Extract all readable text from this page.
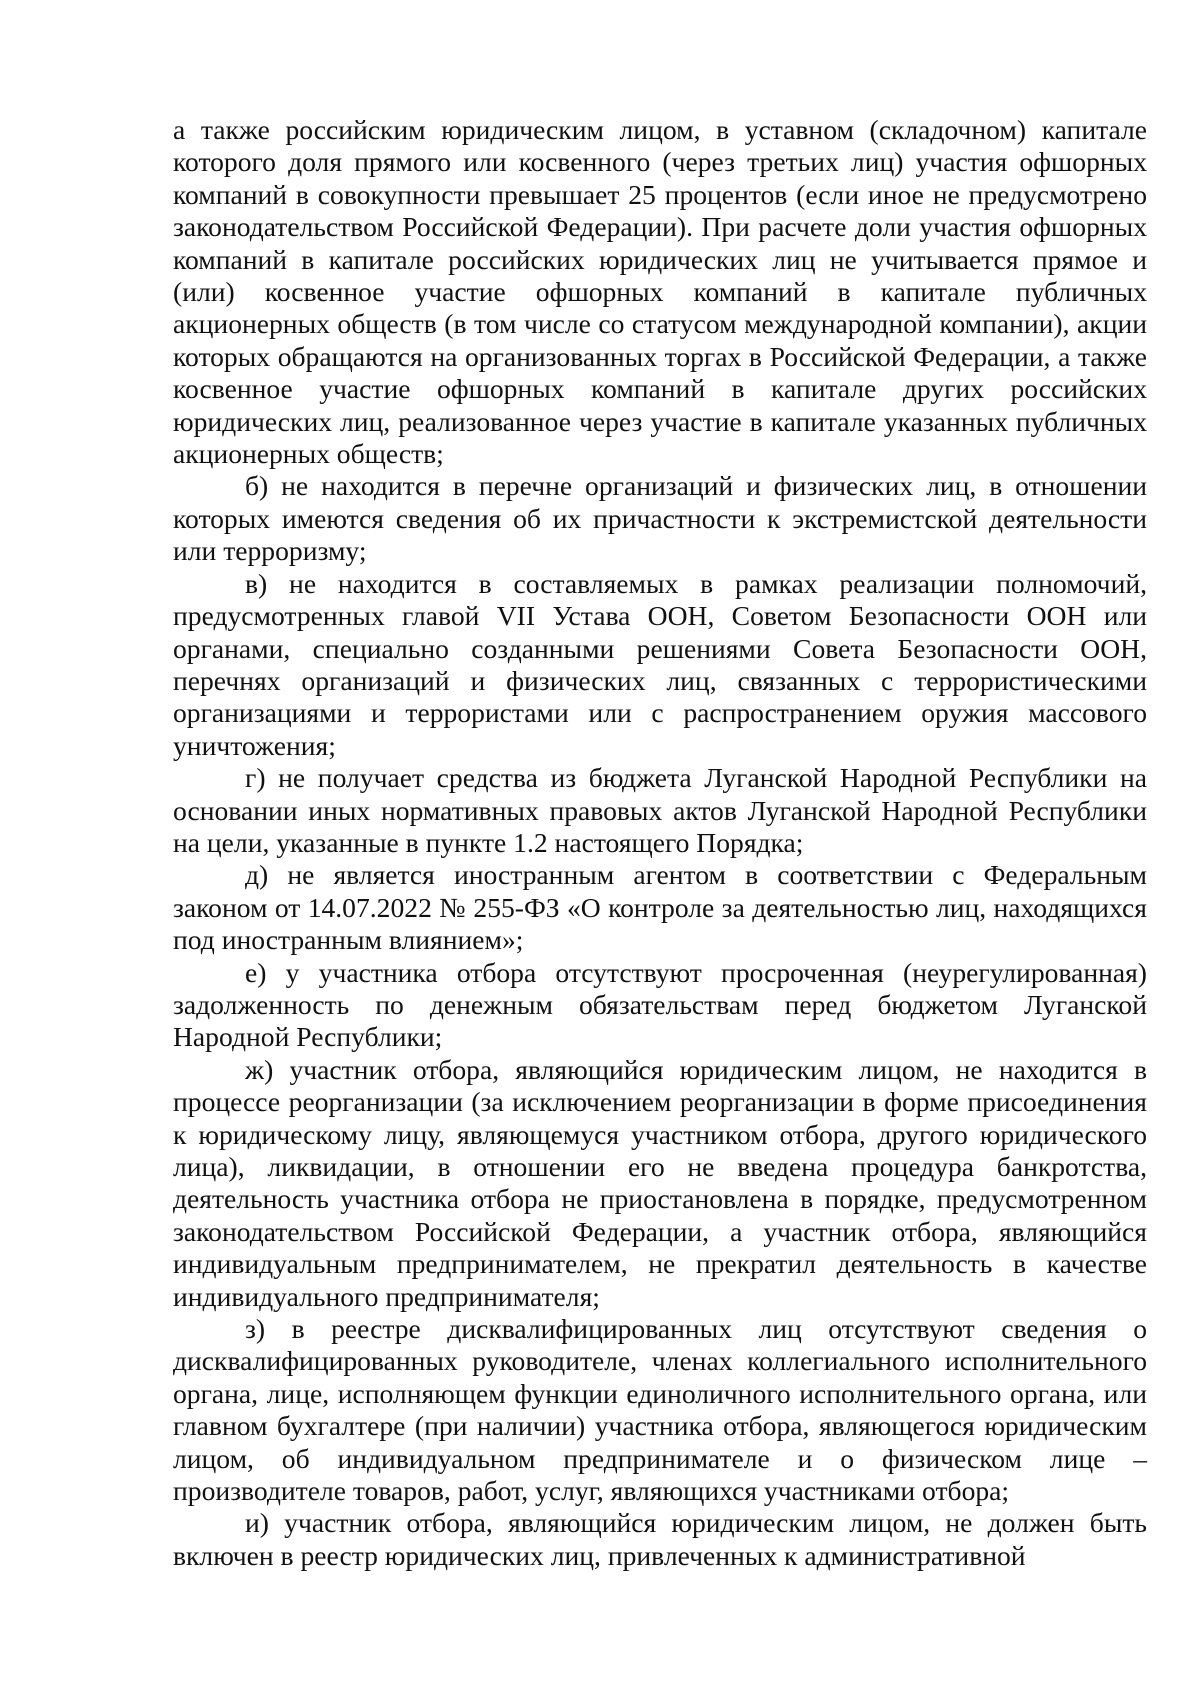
а также российским юридическим лицом, в уставном (складочном) капитале которого доля прямого или косвенного (через третьих лиц) участия офшорных компаний в совокупности превышает 25 процентов (если иное не предусмотрено законодательством Российской Федерации). При расчете доли участия офшорных компаний в капитале российских юридических лиц не учитывается прямое и (или) косвенное участие офшорных компаний в капитале публичных акционерных обществ (в том числе со статусом международной компании), акции которых обращаются на организованных торгах в Российской Федерации, а также косвенное участие офшорных компаний в капитале других российских юридических лиц, реализованное через участие в капитале указанных публичных акционерных обществ;

б) не находится в перечне организаций и физических лиц, в отношении которых имеются сведения об их причастности к экстремистской деятельности или терроризму;

в) не находится в составляемых в рамках реализации полномочий, предусмотренных главой VII Устава ООН, Советом Безопасности ООН или органами, специально созданными решениями Совета Безопасности ООН, перечнях организаций и физических лиц, связанных с террористическими организациями и террористами или с распространением оружия массового уничтожения;

г) не получает средства из бюджета Луганской Народной Республики на основании иных нормативных правовых актов Луганской Народной Республики на цели, указанные в пункте 1.2 настоящего Порядка;

д) не является иностранным агентом в соответствии с Федеральным законом от 14.07.2022 № 255-ФЗ «О контроле за деятельностью лиц, находящихся под иностранным влиянием»;

е) у участника отбора отсутствуют просроченная (неурегулированная) задолженность по денежным обязательствам перед бюджетом Луганской Народной Республики;

ж) участник отбора, являющийся юридическим лицом, не находится в процессе реорганизации (за исключением реорганизации в форме присоединения к юридическому лицу, являющемуся участником отбора, другого юридического лица), ликвидации, в отношении его не введена процедура банкротства, деятельность участника отбора не приостановлена в порядке, предусмотренном законодательством Российской Федерации, а участник отбора, являющийся индивидуальным предпринимателем, не прекратил деятельность в качестве индивидуального предпринимателя;

з) в реестре дисквалифицированных лиц отсутствуют сведения о дисквалифицированных руководителе, членах коллегиального исполнительного органа, лице, исполняющем функции единоличного исполнительного органа, или главном бухгалтере (при наличии) участника отбора, являющегося юридическим лицом, об индивидуальном предпринимателе и о физическом лице – производителе товаров, работ, услуг, являющихся участниками отбора;

и) участник отбора, являющийся юридическим лицом, не должен быть включен в реестр юридических лиц, привлеченных к административной
